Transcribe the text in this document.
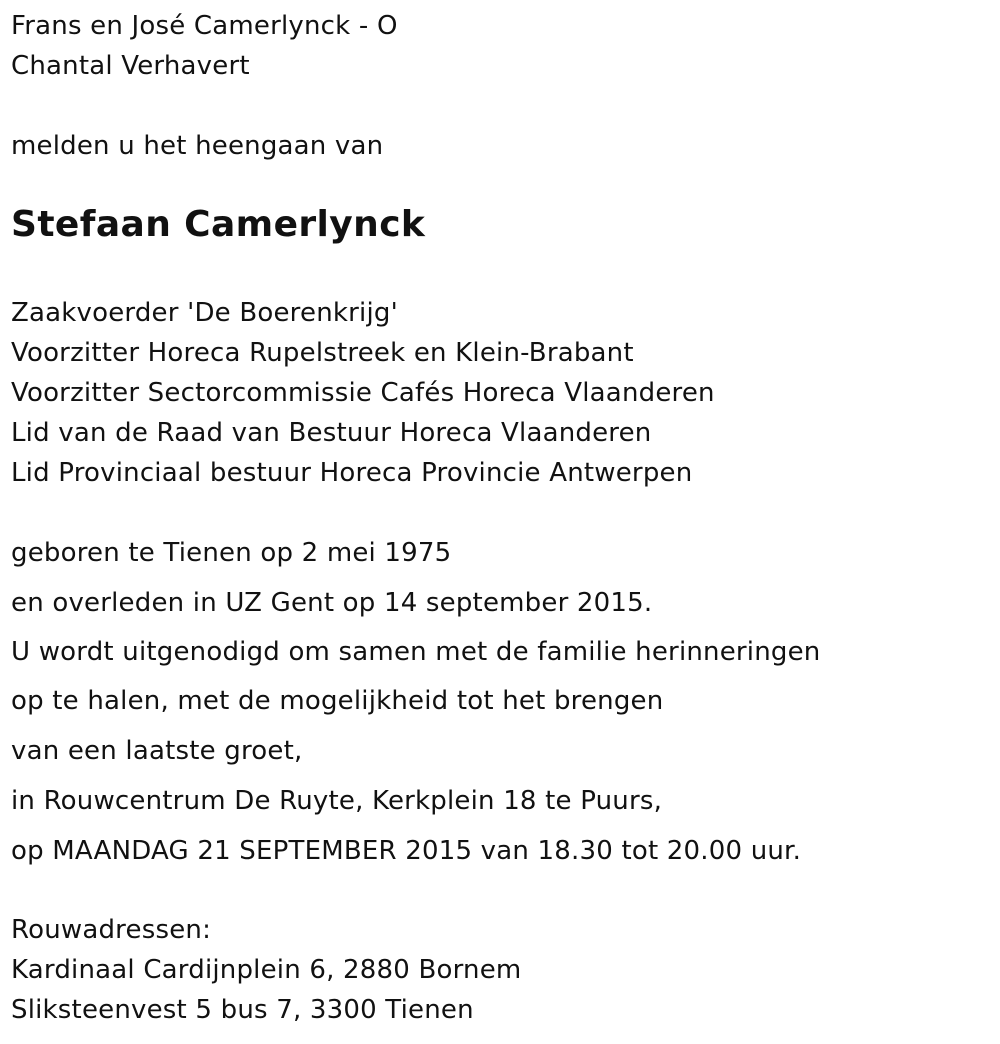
Frans en José Camerlynck - O
Chantal Verhavert
melden u het heengaan van
Stefaan Camerlynck
Zaakvoerder 'De Boerenkrijg'
Voorzitter Horeca Rupelstreek en Klein-Brabant
Voorzitter Sectorcommissie Cafés Horeca Vlaanderen
Lid van de Raad van Bestuur Horeca Vlaanderen
Lid Provinciaal bestuur Horeca Provincie Antwerpen
geboren te Tienen op 2 mei 1975
en overleden in UZ Gent op 14 september 2015.
U wordt uitgenodigd om samen met de familie herinneringen
op te halen, met de mogelijkheid tot het brengen
van een laatste groet,
in Rouwcentrum De Ruyte, Kerkplein 18 te Puurs,
op MAANDAG 21 SEPTEMBER 2015 van 18.30 tot 20.00 uur.
Rouwadressen:
Kardinaal Cardijnplein 6, 2880 Bornem
Sliksteenvest 5 bus 7, 3300 Tienen
